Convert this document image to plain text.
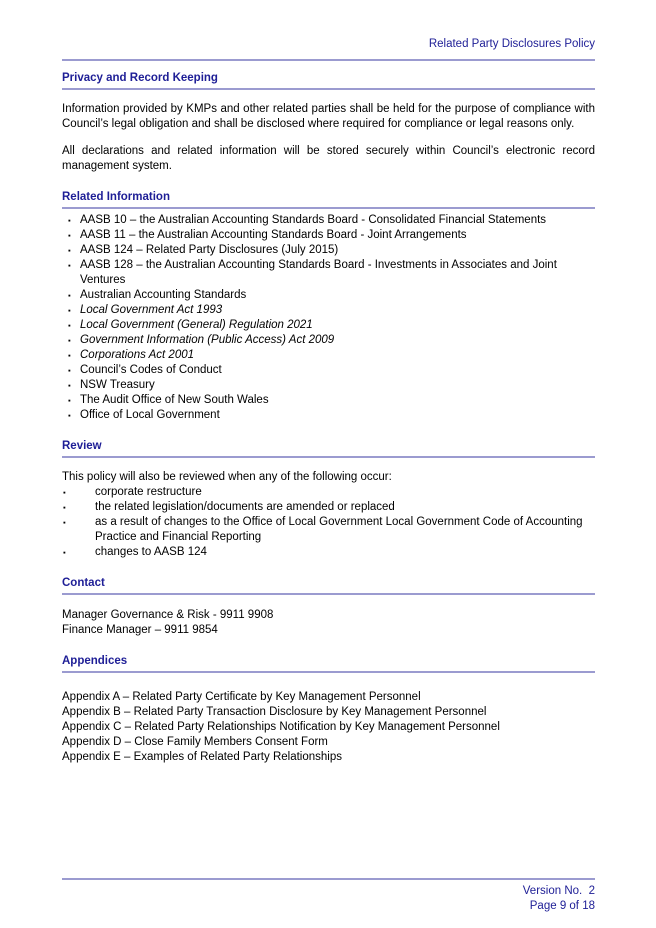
Related Party Disclosures Policy
Privacy and Record Keeping

Information provided by KMPs and other related parties shall be held for the purpose of compliance with Council’s legal obligation and shall be disclosed where required for compliance or legal reasons only.

All declarations and related information will be stored securely within Council’s electronic record management system.

Related Information
▪ AASB 10 – the Australian Accounting Standards Board - Consolidated Financial Statements
▪ AASB 11 – the Australian Accounting Standards Board - Joint Arrangements
▪ AASB 124 – Related Party Disclosures (July 2015)
▪ AASB 128 – the Australian Accounting Standards Board - Investments in Associates and Joint Ventures
▪ Australian Accounting Standards
▪ Local Government Act 1993
▪ Local Government (General) Regulation 2021
▪ Government Information (Public Access) Act 2009
▪ Corporations Act 2001
▪ Council’s Codes of Conduct
▪ NSW Treasury
▪ The Audit Office of New South Wales
▪ Office of Local Government
Review

This policy will also be reviewed when any of the following occur:

▪	corporate restructure
▪	the related legislation/documents are amended or replaced
▪	as a result of changes to the Office of Local Government Local Government Code of Accounting Practice and Financial Reporting
▪	changes to AASB 124
Contact
Manager Governance & Risk - 9911 9908
Finance Manager – 9911 9854
Appendices
Appendix A – Related Party Certificate by Key Management Personnel
Appendix B – Related Party Transaction Disclosure by Key Management Personnel
Appendix C – Related Party Relationships Notification by Key Management Personnel
Appendix D – Close Family Members Consent Form
Appendix E – Examples of Related Party Relationships
Version No.  2
Page 9 of 18
